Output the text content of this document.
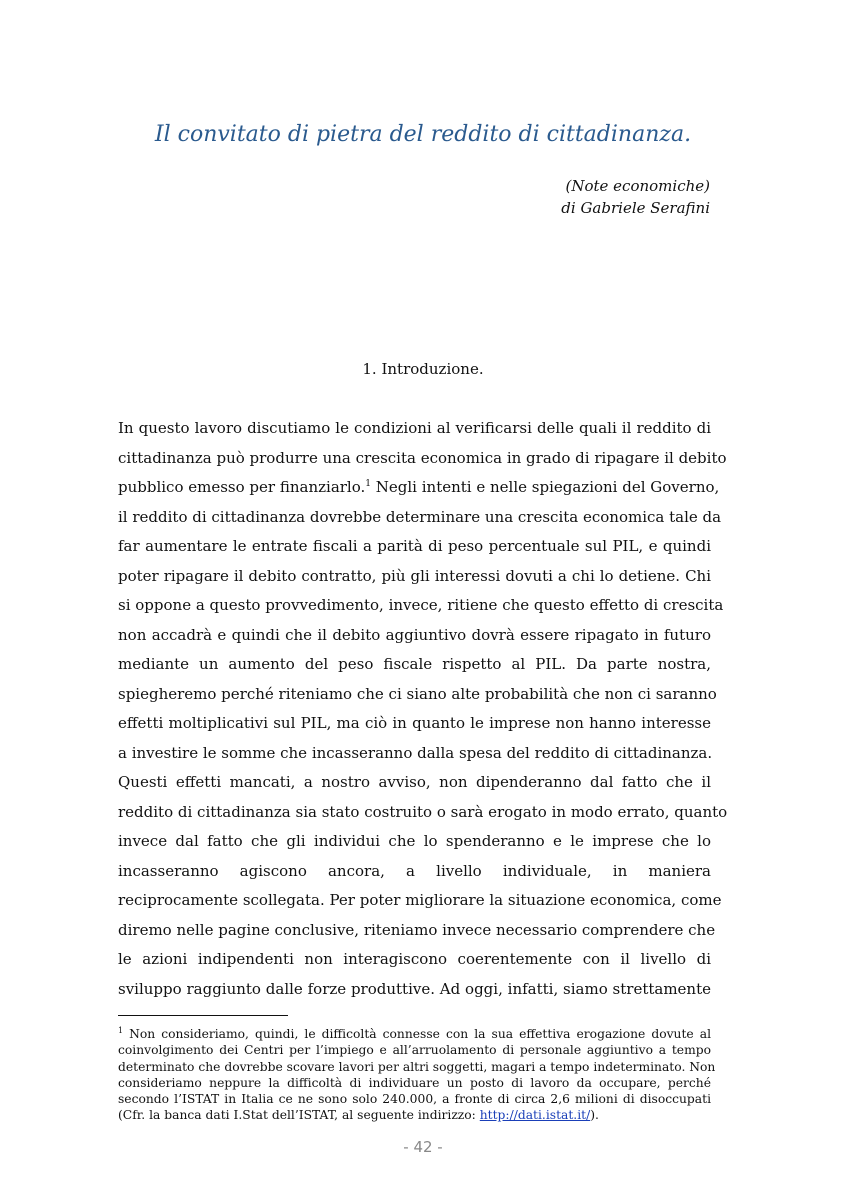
Il convitato di pietra del reddito di cittadinanza.
(Note economiche)
di Gabriele Serafini
1. Introduzione.
In questo lavoro discutiamo le condizioni al verificarsi delle quali il reddito di
cittadinanza può produrre una crescita economica in grado di ripagare il debito
pubblico emesso per finanziarlo.$^1$ Negli intenti e nelle spiegazioni del Governo,
il reddito di cittadinanza dovrebbe determinare una crescita economica tale da
far aumentare le entrate fiscali a parità di peso percentuale sul PIL, e quindi
poter ripagare il debito contratto, più gli interessi dovuti a chi lo detiene. Chi
si oppone a questo provvedimento, invece, ritiene che questo effetto di crescita
non accadrà e quindi che il debito aggiuntivo dovrà essere ripagato in futuro
mediante un aumento del peso fiscale rispetto al PIL. Da parte nostra,
spiegheremo perché riteniamo che ci siano alte probabilità che non ci saranno
effetti moltiplicativi sul PIL, ma ciò in quanto le imprese non hanno interesse
a investire le somme che incasseranno dalla spesa del reddito di cittadinanza.
Questi effetti mancati, a nostro avviso, non dipenderanno dal fatto che il
reddito di cittadinanza sia stato costruito o sarà erogato in modo errato, quanto
invece dal fatto che gli individui che lo spenderanno e le imprese che lo
incasseranno agiscono ancora, a livello individuale, in maniera
reciprocamente scollegata. Per poter migliorare la situazione economica, come
diremo nelle pagine conclusive, riteniamo invece necessario comprendere che
le azioni indipendenti non interagiscono coerentemente con il livello di
sviluppo raggiunto dalle forze produttive. Ad oggi, infatti, siamo strettamente
$^1$ Non consideriamo, quindi, le difficoltà connesse con la sua effettiva erogazione dovute al
coinvolgimento dei Centri per l’impiego e all’arruolamento di personale aggiuntivo a tempo
determinato che dovrebbe scovare lavori per altri soggetti, magari a tempo indeterminato. Non
consideriamo neppure la difficoltà di individuare un posto di lavoro da occupare, perché
secondo l’ISTAT in Italia ce ne sono solo 240.000, a fronte di circa 2,6 milioni di disoccupati
(Cfr. la banca dati I.Stat dell’ISTAT, al seguente indirizzo: http://dati.istat.it/).
- 42 -
